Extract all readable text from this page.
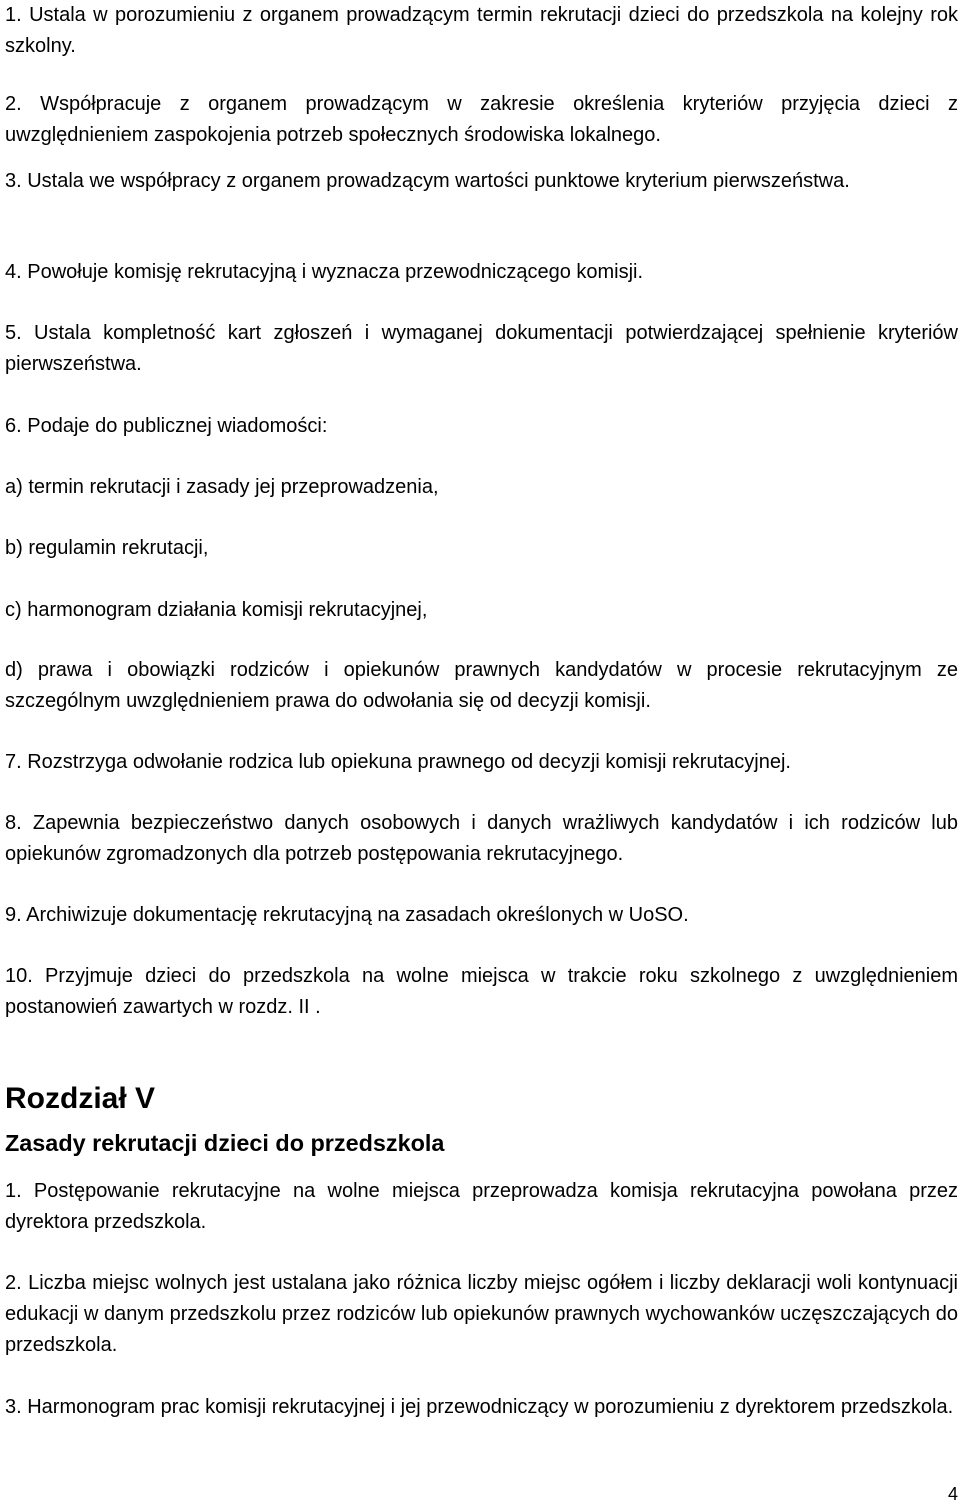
1. Ustala w porozumieniu z organem prowadzącym termin rekrutacji dzieci do przedszkola na kolejny rok szkolny.

2. Współpracuje z organem prowadzącym w zakresie określenia kryteriów przyjęcia dzieci z uwzględnieniem zaspokojenia potrzeb społecznych środowiska lokalnego.

3. Ustala we współpracy z organem prowadzącym wartości punktowe kryterium pierwszeństwa.

4. Powołuje komisję rekrutacyjną i wyznacza przewodniczącego komisji.

5. Ustala kompletność kart zgłoszeń i wymaganej dokumentacji potwierdzającej spełnienie kryteriów pierwszeństwa.

6. Podaje do publicznej wiadomości:

a) termin rekrutacji i zasady jej przeprowadzenia,

b) regulamin rekrutacji,

c) harmonogram działania komisji rekrutacyjnej,

d) prawa i obowiązki rodziców i opiekunów prawnych kandydatów w procesie rekrutacyjnym ze szczególnym uwzględnieniem prawa do odwołania się od decyzji komisji.

7. Rozstrzyga odwołanie rodzica lub opiekuna prawnego od decyzji komisji rekrutacyjnej.

8. Zapewnia bezpieczeństwo danych osobowych i danych wrażliwych kandydatów i ich rodziców lub opiekunów zgromadzonych dla potrzeb postępowania rekrutacyjnego.

9. Archiwizuje dokumentację rekrutacyjną na zasadach określonych w UoSO.

10. Przyjmuje dzieci do przedszkola na wolne miejsca w trakcie roku szkolnego z uwzględnieniem postanowień zawartych w rozdz. II .

Rozdział V
Zasady rekrutacji dzieci do przedszkola

1. Postępowanie rekrutacyjne na wolne miejsca przeprowadza komisja rekrutacyjna powołana przez dyrektora przedszkola.

2. Liczba miejsc wolnych jest ustalana jako różnica liczby miejsc ogółem i liczby deklaracji woli kontynuacji edukacji w danym przedszkolu przez rodziców lub opiekunów prawnych wychowanków uczęszczających do przedszkola.

3. Harmonogram prac komisji rekrutacyjnej i jej przewodniczący w porozumieniu z dyrektorem przedszkola.

4
